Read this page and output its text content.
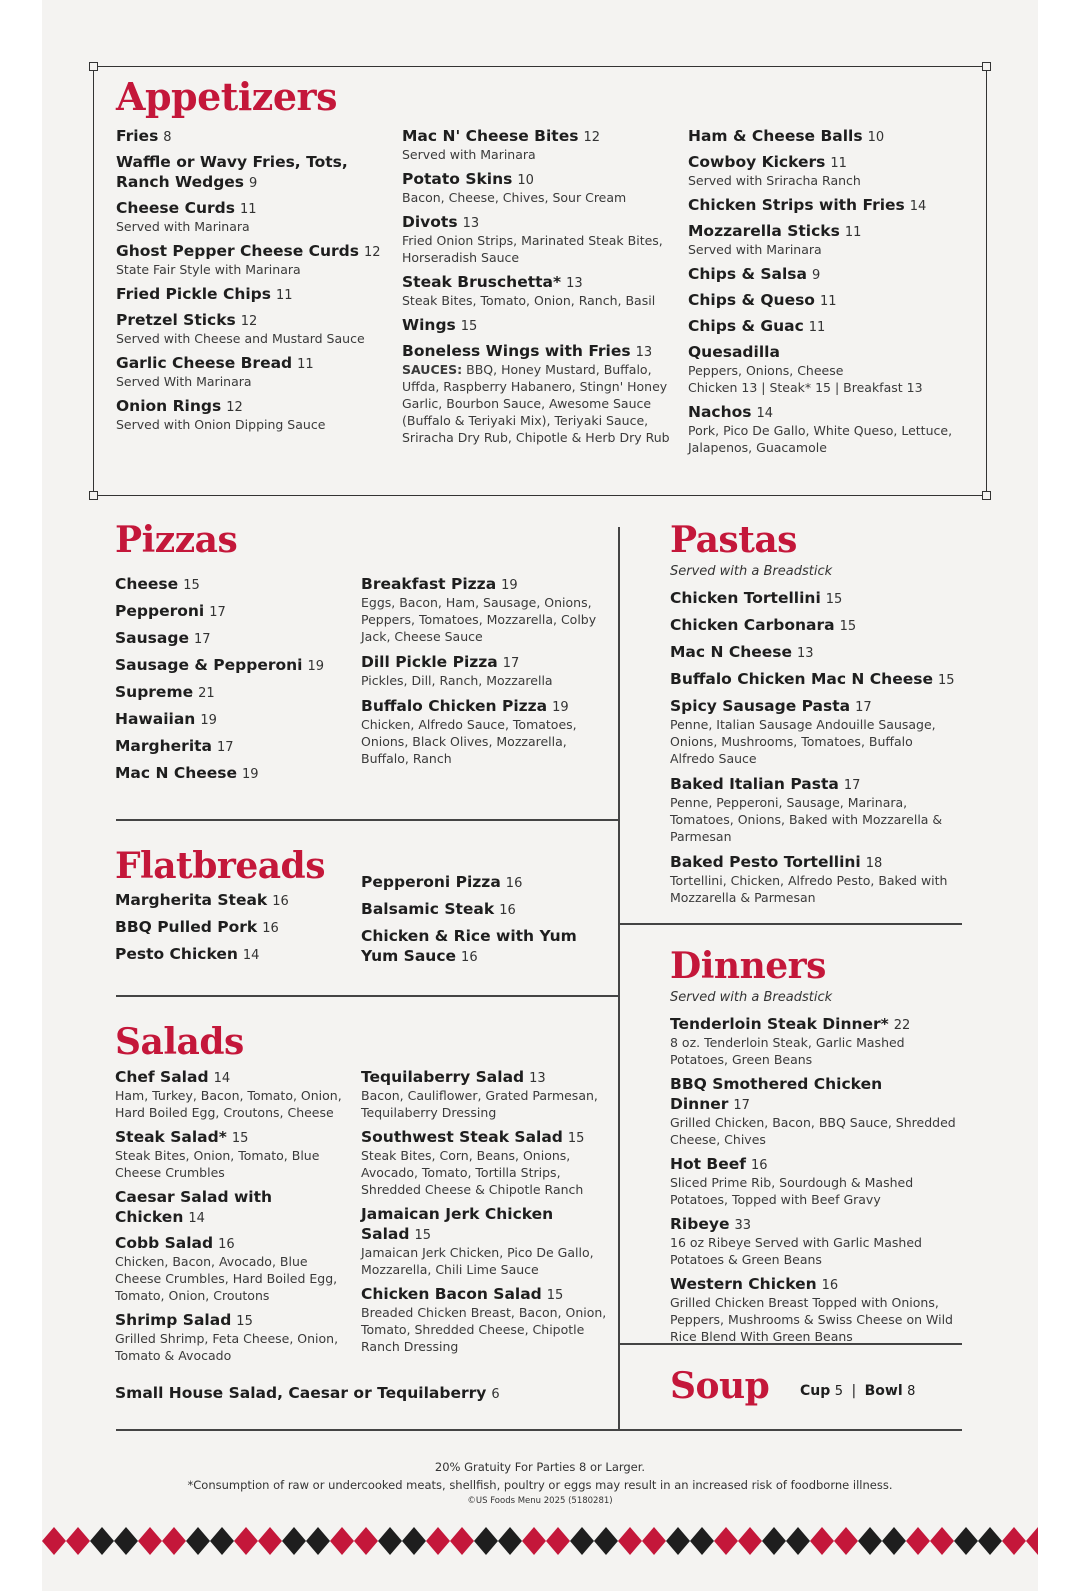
Appetizers
Fries 8
Waffle or Wavy Fries, Tots, Ranch Wedges 9
Cheese Curds 11
Served with Marinara
Ghost Pepper Cheese Curds 12
State Fair Style with Marinara
Fried Pickle Chips 11
Pretzel Sticks 12
Served with Cheese and Mustard Sauce
Garlic Cheese Bread 11
Served With Marinara
Onion Rings 12
Served with Onion Dipping Sauce
Mac N' Cheese Bites 12
Served with Marinara
Potato Skins 10
Bacon, Cheese, Chives, Sour Cream
Divots 13
Fried Onion Strips, Marinated Steak Bites, Horseradish Sauce
Steak Bruschetta* 13
Steak Bites, Tomato, Onion, Ranch, Basil
Wings 15
Boneless Wings with Fries 13
SAUCES: BBQ, Honey Mustard, Buffalo, Uffda, Raspberry Habanero, Stingn' Honey Garlic, Bourbon Sauce, Awesome Sauce (Buffalo & Teriyaki Mix), Teriyaki Sauce, Sriracha Dry Rub, Chipotle & Herb Dry Rub
Ham & Cheese Balls 10
Cowboy Kickers 11
Served with Sriracha Ranch
Chicken Strips with Fries 14
Mozzarella Sticks 11
Served with Marinara
Chips & Salsa 9
Chips & Queso 11
Chips & Guac 11
Quesadilla
Peppers, Onions, Cheese
Chicken 13 | Steak* 15 | Breakfast 13
Nachos 14
Pork, Pico De Gallo, White Queso, Lettuce, Jalapenos, Guacamole
Pizzas
Cheese 15
Pepperoni 17
Sausage 17
Sausage & Pepperoni 19
Supreme 21
Hawaiian 19
Margherita 17
Mac N Cheese 19
Breakfast Pizza 19
Eggs, Bacon, Ham, Sausage, Onions, Peppers, Tomatoes, Mozzarella, Colby Jack, Cheese Sauce
Dill Pickle Pizza 17
Pickles, Dill, Ranch, Mozzarella
Buffalo Chicken Pizza 19
Chicken, Alfredo Sauce, Tomatoes, Onions, Black Olives, Mozzarella, Buffalo, Ranch
Flatbreads
Margherita Steak 16
BBQ Pulled Pork 16
Pesto Chicken 14
Pepperoni Pizza 16
Balsamic Steak 16
Chicken & Rice with Yum Yum Sauce 16
Salads
Chef Salad 14
Ham, Turkey, Bacon, Tomato, Onion, Hard Boiled Egg, Croutons, Cheese
Steak Salad* 15
Steak Bites, Onion, Tomato, Blue Cheese Crumbles
Caesar Salad with Chicken 14
Cobb Salad 16
Chicken, Bacon, Avocado, Blue Cheese Crumbles, Hard Boiled Egg, Tomato, Onion, Croutons
Shrimp Salad 15
Grilled Shrimp, Feta Cheese, Onion, Tomato & Avocado
Tequilaberry Salad 13
Bacon, Cauliflower, Grated Parmesan, Tequilaberry Dressing
Southwest Steak Salad 15
Steak Bites, Corn, Beans, Onions, Avocado, Tomato, Tortilla Strips, Shredded Cheese & Chipotle Ranch
Jamaican Jerk Chicken Salad 15
Jamaican Jerk Chicken, Pico De Gallo, Mozzarella, Chili Lime Sauce
Chicken Bacon Salad 15
Breaded Chicken Breast, Bacon, Onion, Tomato, Shredded Cheese, Chipotle Ranch Dressing
Small House Salad, Caesar or Tequilaberry 6
Pastas
Served with a Breadstick
Chicken Tortellini 15
Chicken Carbonara 15
Mac N Cheese 13
Buffalo Chicken Mac N Cheese 15
Spicy Sausage Pasta 17
Penne, Italian Sausage Andouille Sausage, Onions, Mushrooms, Tomatoes, Buffalo Alfredo Sauce
Baked Italian Pasta 17
Penne, Pepperoni, Sausage, Marinara, Tomatoes, Onions, Baked with Mozzarella & Parmesan
Baked Pesto Tortellini 18
Tortellini, Chicken, Alfredo Pesto, Baked with Mozzarella & Parmesan
Dinners
Served with a Breadstick
Tenderloin Steak Dinner* 22
8 oz. Tenderloin Steak, Garlic Mashed Potatoes, Green Beans
BBQ Smothered Chicken Dinner 17
Grilled Chicken, Bacon, BBQ Sauce, Shredded Cheese, Chives
Hot Beef 16
Sliced Prime Rib, Sourdough & Mashed Potatoes, Topped with Beef Gravy
Ribeye 33
16 oz Ribeye Served with Garlic Mashed Potatoes & Green Beans
Western Chicken 16
Grilled Chicken Breast Topped with Onions, Peppers, Mushrooms & Swiss Cheese on Wild Rice Blend With Green Beans
Soup Cup 5 | Bowl 8
20% Gratuity For Parties 8 or Larger.
*Consumption of raw or undercooked meats, shellfish, poultry or eggs may result in an increased risk of foodborne illness.
©US Foods Menu 2025 (5180281)
